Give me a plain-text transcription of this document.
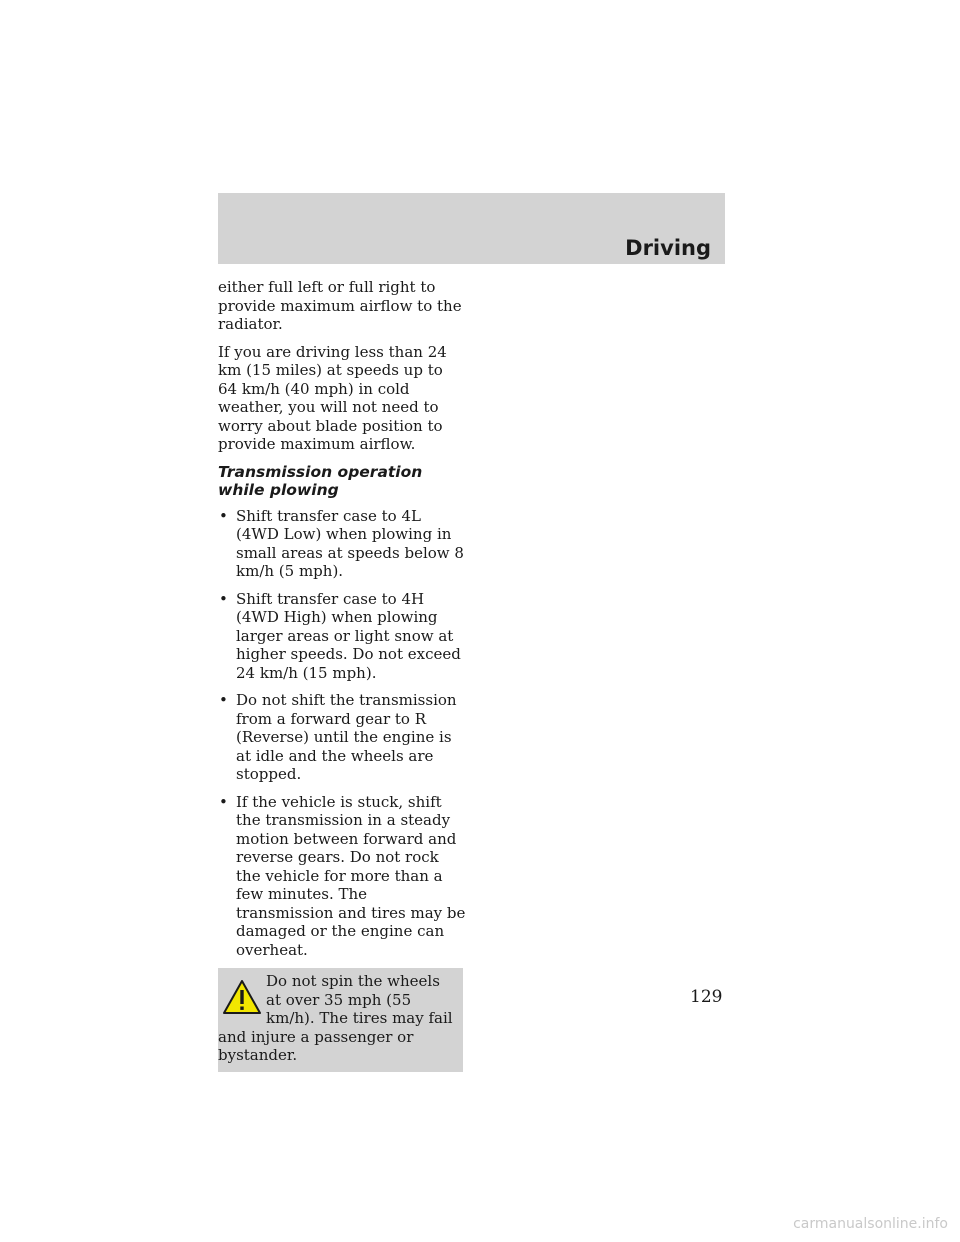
Driving

either full left or full right to provide maximum airflow to the radiator.

If you are driving less than 24 km (15 miles) at speeds up to 64 km/h (40 mph) in cold weather, you will not need to worry about blade position to provide maximum airflow.

Transmission operation while plowing
• Shift transfer case to 4L (4WD Low) when plowing in small areas at speeds below 8 km/h (5 mph).
• Shift transfer case to 4H (4WD High) when plowing larger areas or light snow at higher speeds. Do not exceed 24 km/h (15 mph).
• Do not shift the transmission from a forward gear to R (Reverse) until the engine is at idle and the wheels are stopped.
• If the vehicle is stuck, shift the transmission in a steady motion between forward and reverse gears. Do not rock the vehicle for more than a few minutes. The transmission and tires may be damaged or the engine can overheat.
Do not spin the wheels at over 35 mph (55 km/h). The tires may fail and injure a passenger or bystander.
129
carmanualsonline.info
